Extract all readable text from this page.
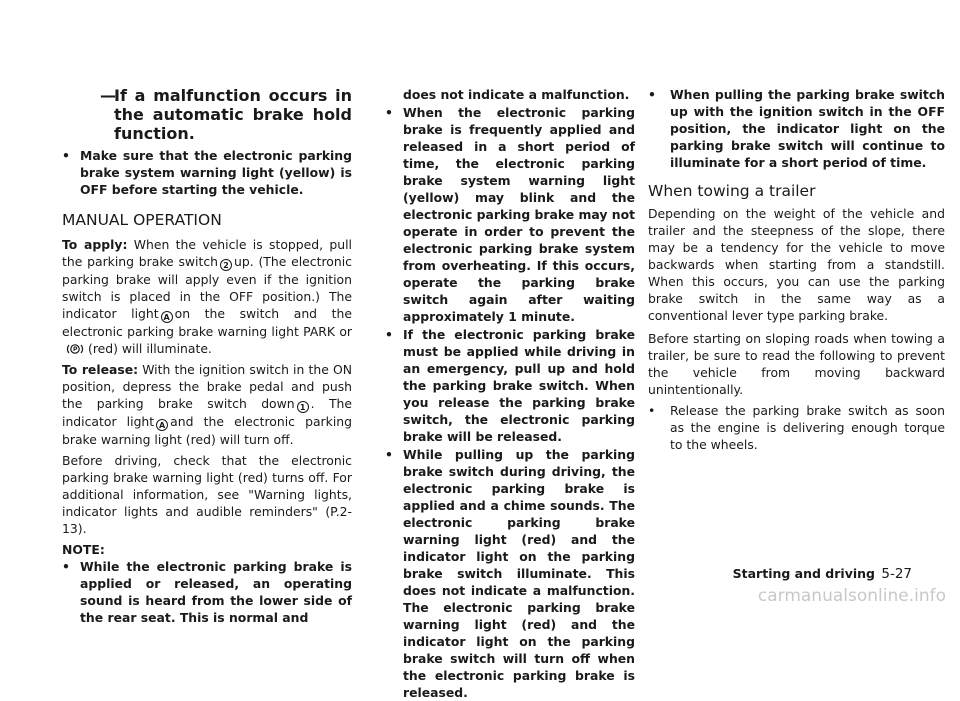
—
If a malfunction occurs in the automatic brake hold function.
• Make sure that the electronic parking brake system warning light (yellow) is OFF before starting the vehicle.
MANUAL OPERATION

To apply: When the vehicle is stopped, pull the parking brake switch 2 up. (The electronic parking brake will apply even if the ignition switch is placed in the OFF position.) The indicator light A on the switch and the electronic parking brake warning light PARK or(red) will illuminate.

To release: With the ignition switch in the ON position, depress the brake pedal and push the parking brake switch down 1 . The indicator light A and the electronic parking brake warning light (red) will turn off.

Before driving, check that the electronic parking brake warning light (red) turns off. For additional information, see "Warning lights, indicator lights and audible reminders" (P.2-13).

NOTE:

• While the electronic parking brake is applied or released, an operating sound is heard from the lower side of the rear seat. This is normal and

does not indicate a malfunction.

• When the electronic parking brake is frequently applied and released in a short period of time, the electronic parking brake system warning light (yellow) may blink and the electronic parking brake may not operate in order to prevent the electronic parking brake system from overheating. If this occurs, operate the parking brake switch again after waiting approximately 1 minute.
• If the electronic parking brake must be applied while driving in an emergency, pull up and hold the parking brake switch. When you release the parking brake switch, the electronic parking brake will be released.
• While pulling up the parking brake switch during driving, the electronic parking brake is applied and a chime sounds. The electronic parking brake warning light (red) and the indicator light on the parking brake switch illuminate. This does not indicate a malfunction. The electronic parking brake warning light (red) and the indicator light on the parking brake switch will turn off when the electronic parking brake is released.
• When pulling the parking brake switch up with the ignition switch in the OFF position, the indicator light on the parking brake switch will continue to illuminate for a short period of time.
When towing a trailer

Depending on the weight of the vehicle and trailer and the steepness of the slope, there may be a tendency for the vehicle to move backwards when starting from a standstill. When this occurs, you can use the parking brake switch in the same way as a conventional lever type parking brake.

Before starting on sloping roads when towing a trailer, be sure to read the following to prevent the vehicle from moving backward unintentionally.

• Release the parking brake switch as soon as the engine is delivering enough torque to the wheels.
Starting and driving 5-27
carmanualsonline.info
